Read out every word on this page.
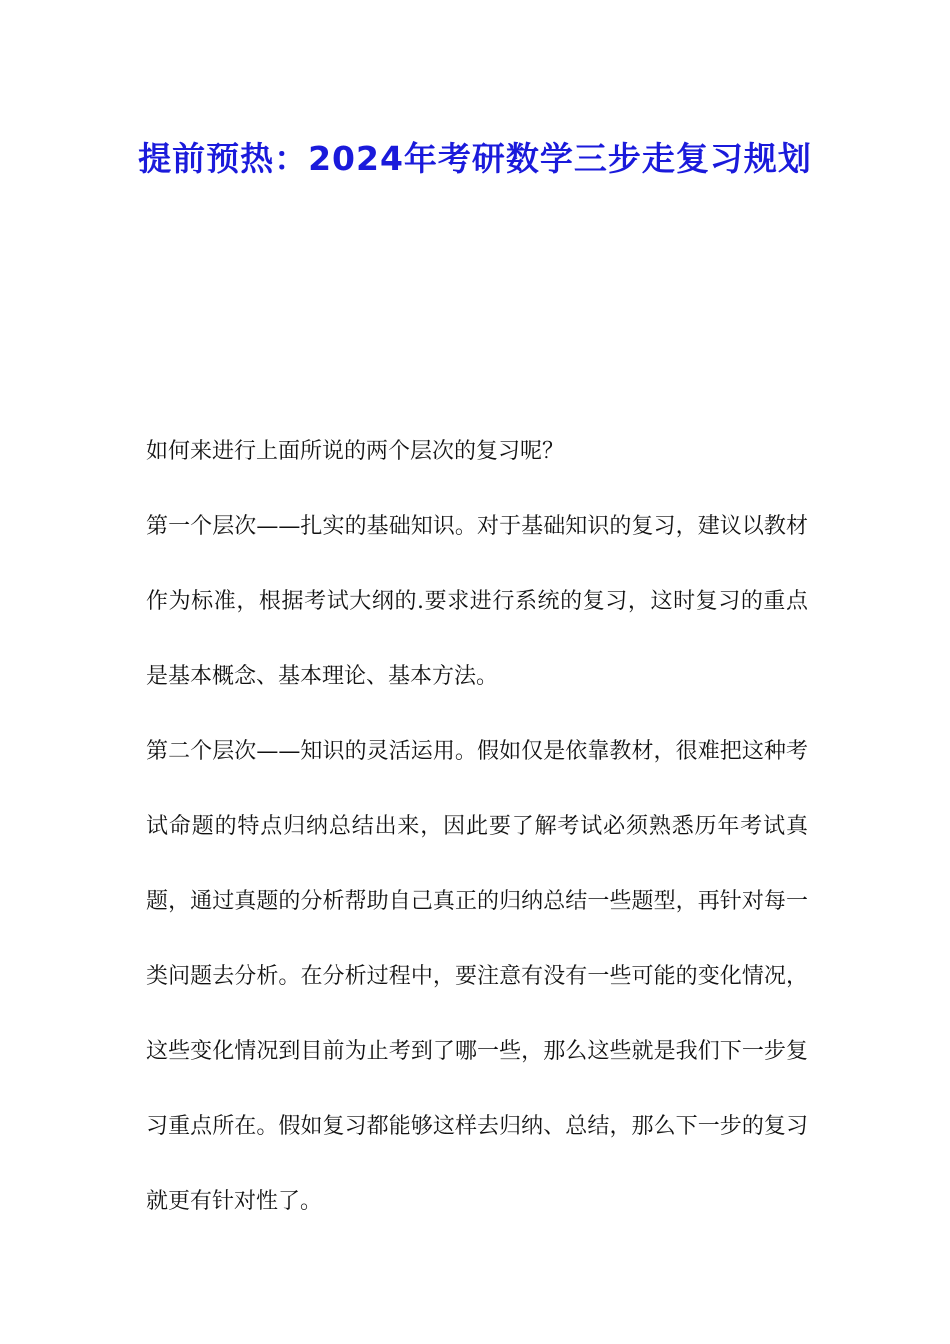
提前预热：2024年考研数学三步走复习规划

如何来进行上面所说的两个层次的复习呢？

第一个层次——扎实的基础知识。对于基础知识的复习，建议以教材作为标准，根据考试大纲的.要求进行系统的复习，这时复习的重点是基本概念、基本理论、基本方法。

第二个层次——知识的灵活运用。假如仅是依靠教材，很难把这种考试命题的特点归纳总结出来，因此要了解考试必须熟悉历年考试真题，通过真题的分析帮助自己真正的归纳总结一些题型，再针对每一类问题去分析。在分析过程中，要注意有没有一些可能的变化情况，这些变化情况到目前为止考到了哪一些，那么这些就是我们下一步复习重点所在。假如复习都能够这样去归纳、总结，那么下一步的复习就更有针对性了。
